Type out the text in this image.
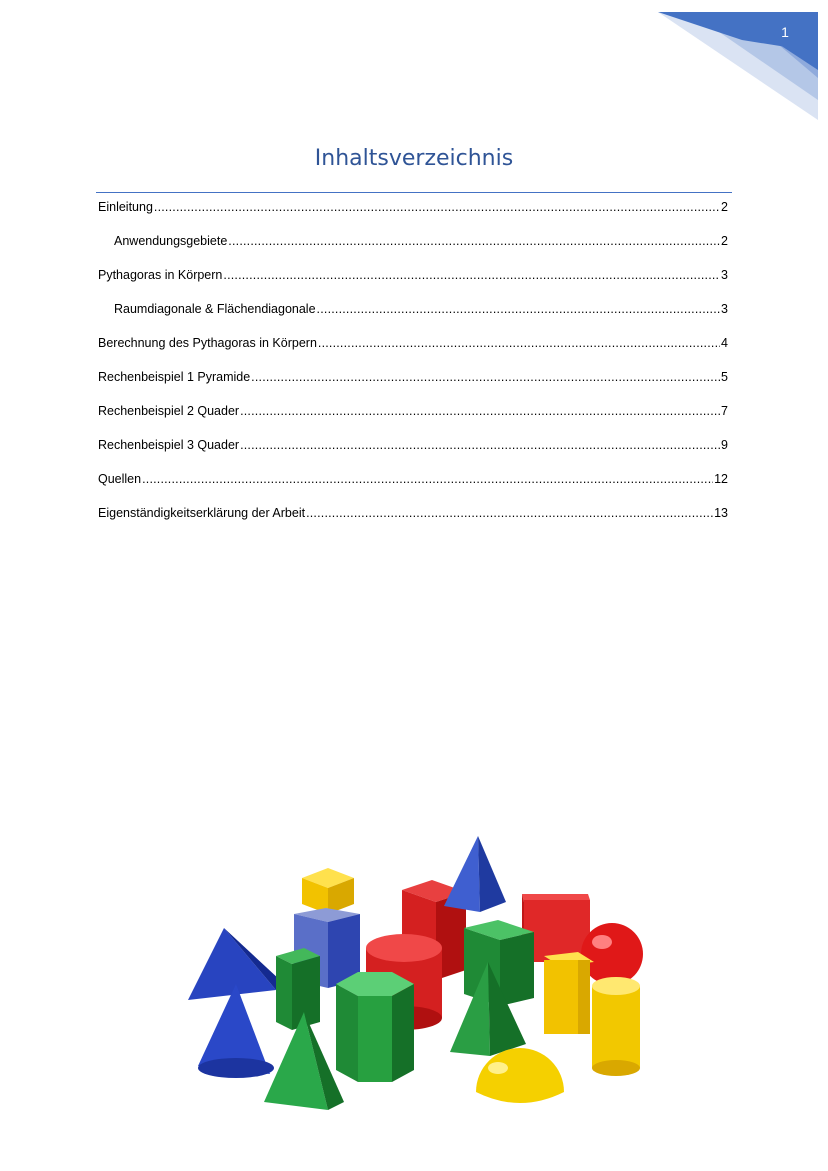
1
Inhaltsverzeichnis
Einleitung .....	2
Anwendungsgebiete .....	2
Pythagoras in Körpern .....	3
Raumdiagonale & Flächendiagonale .....	3
Berechnung des Pythagoras in Körpern .....	4
Rechenbeispiel 1 Pyramide .....	5
Rechenbeispiel 2 Quader .....	7
Rechenbeispiel 3 Quader .....	9
Quellen .....	12
Eigenständigkeitserklärung der Arbeit .....	13
